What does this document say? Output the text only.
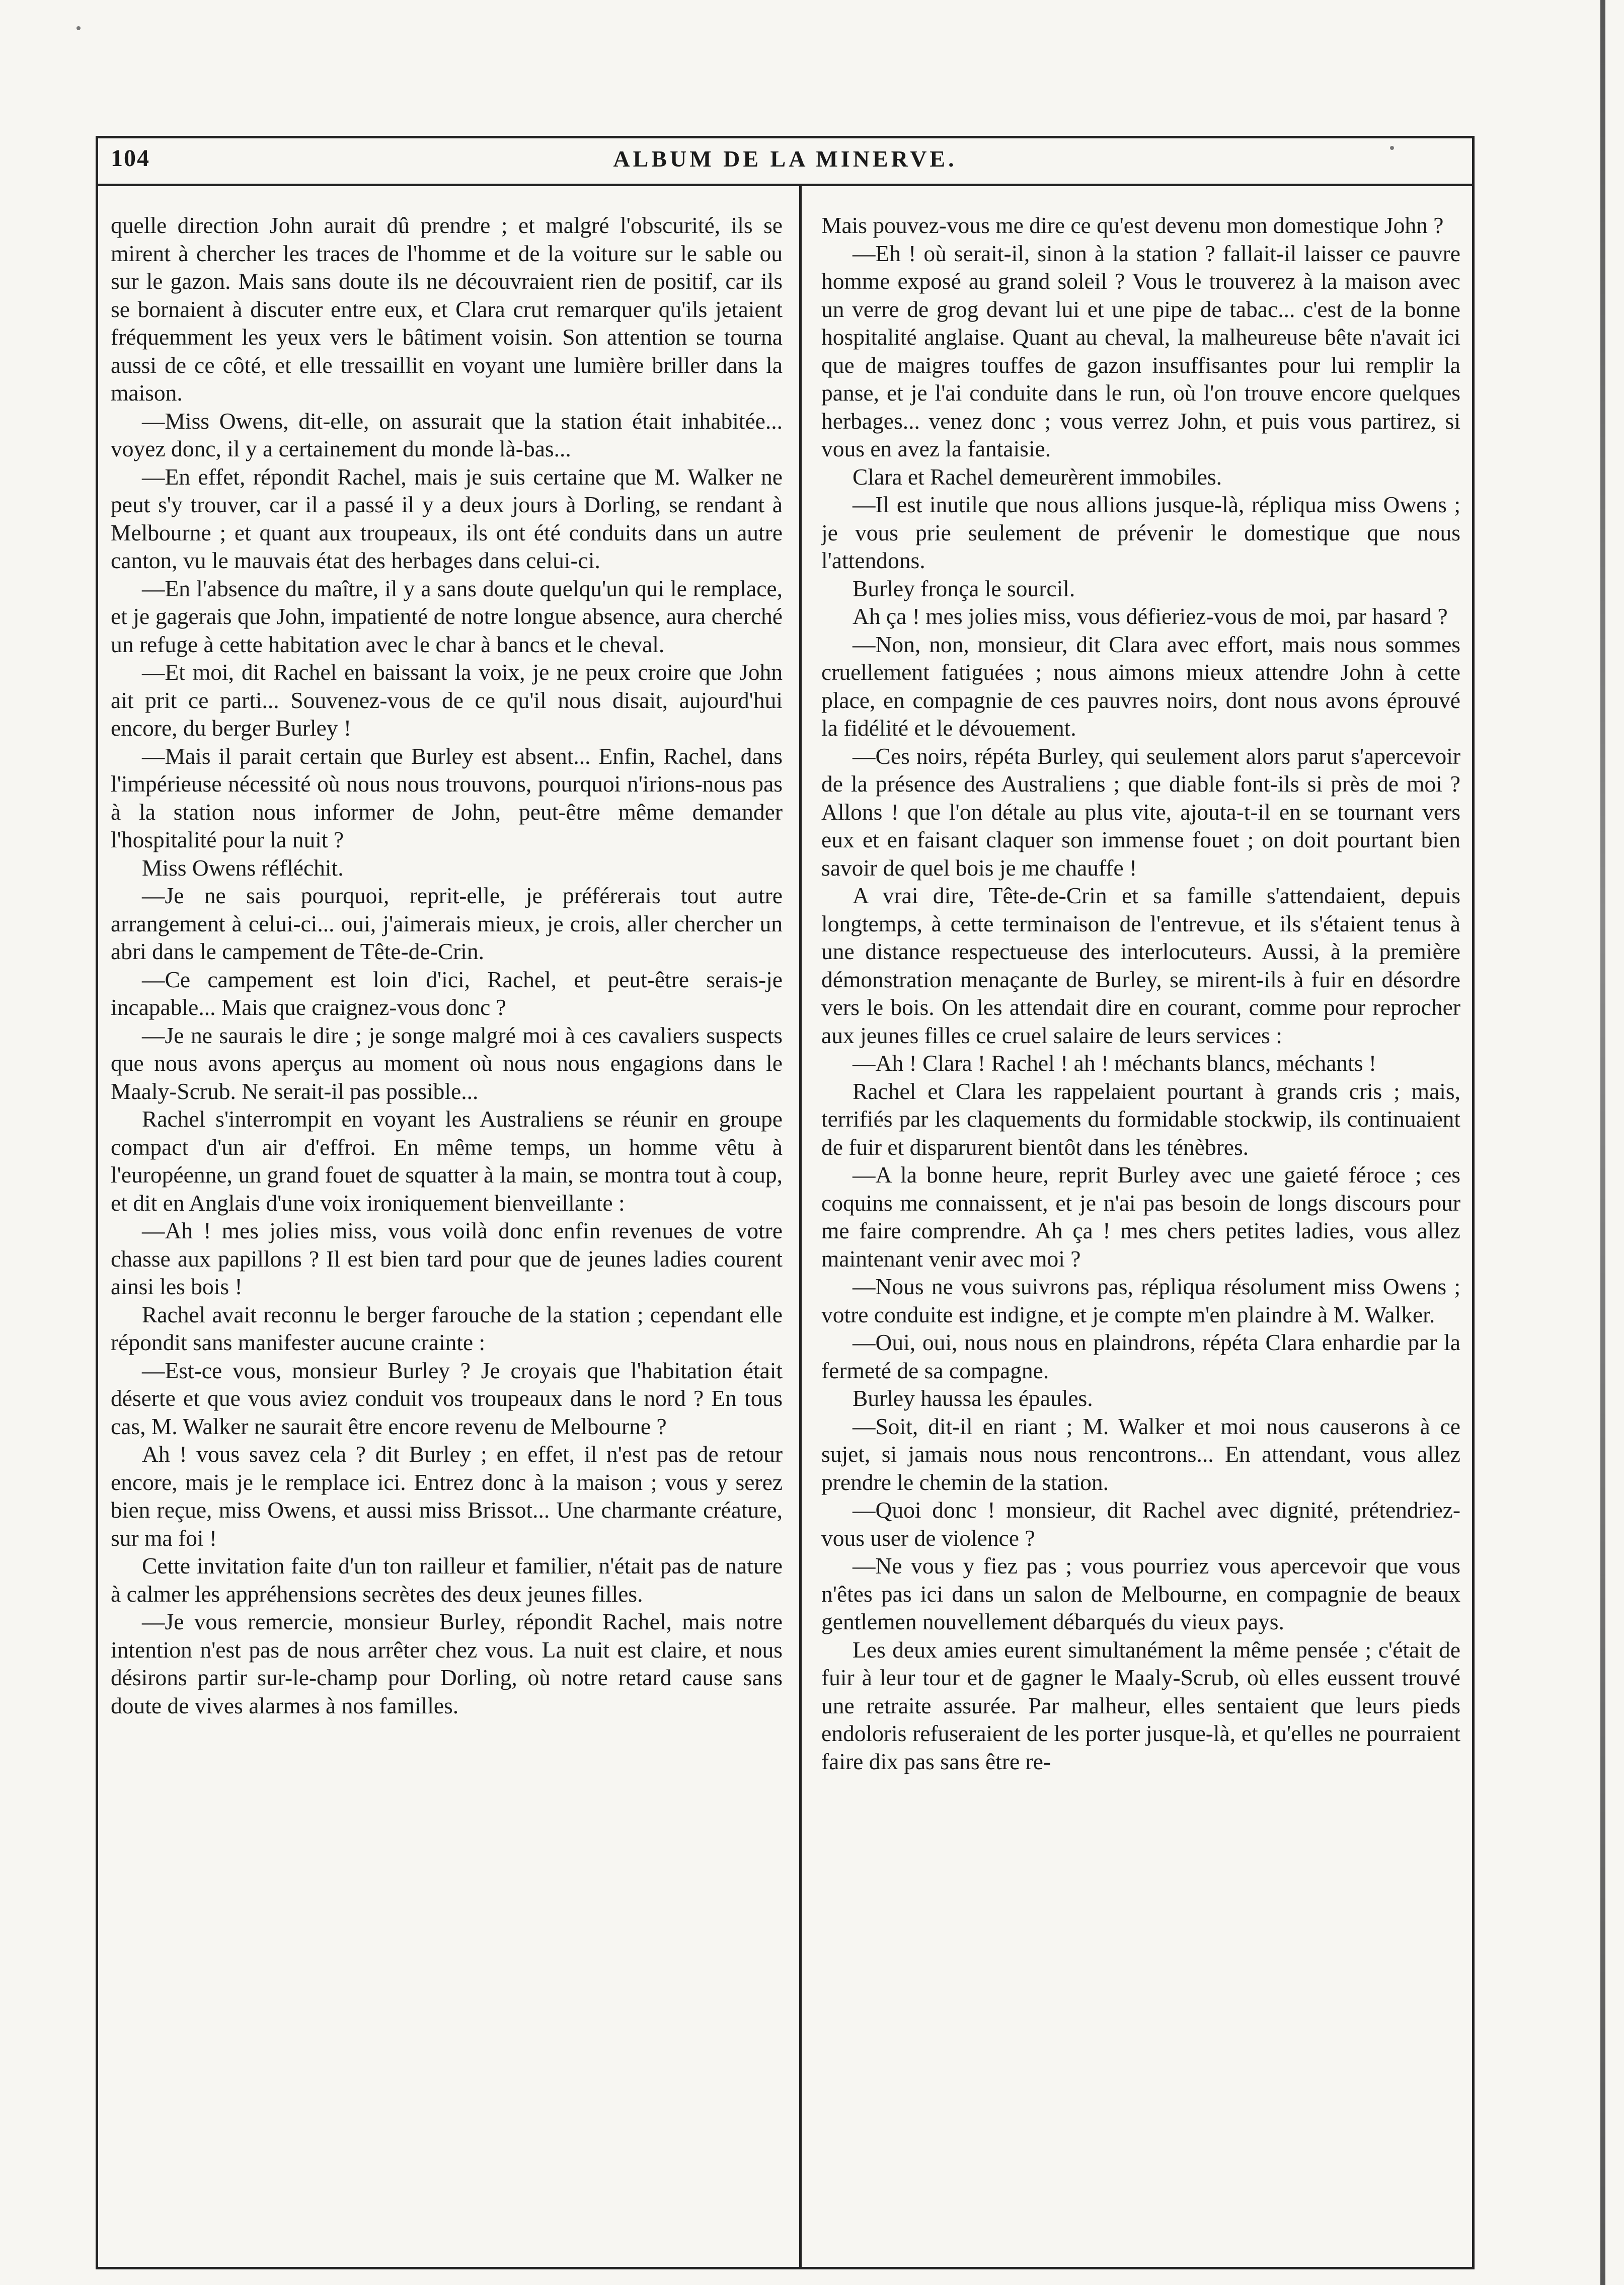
104	ALBUM DE LA MINERVE.

quelle direction John aurait dû prendre ; et malgré l'obscurité, ils se mirent à chercher les traces de l'homme et de la voiture sur le sable ou sur le gazon. Mais sans doute ils ne découvraient rien de positif, car ils se bornaient à discuter entre eux, et Clara crut remarquer qu'ils jetaient fréquemment les yeux vers le bâtiment voisin. Son attention se tourna aussi de ce côté, et elle tressaillit en voyant une lumière briller dans la maison.

—Miss Owens, dit-elle, on assurait que la station était inhabitée... voyez donc, il y a certainement du monde là-bas...

—En effet, répondit Rachel, mais je suis certaine que M. Walker ne peut s'y trouver, car il a passé il y a deux jours à Dorling, se rendant à Melbourne ; et quant aux troupeaux, ils ont été conduits dans un autre canton, vu le mauvais état des herbages dans celui-ci.

—En l'absence du maître, il y a sans doute quelqu'un qui le remplace, et je gagerais que John, impatienté de notre longue absence, aura cherché un refuge à cette habitation avec le char à bancs et le cheval.

—Et moi, dit Rachel en baissant la voix, je ne peux croire que John ait prit ce parti... Souvenez-vous de ce qu'il nous disait, aujourd'hui encore, du berger Burley !

—Mais il parait certain que Burley est absent... Enfin, Rachel, dans l'impérieuse nécessité où nous nous trouvons, pourquoi n'irions-nous pas à la station nous informer de John, peut-être même demander l'hospitalité pour la nuit ?

Miss Owens réfléchit.

—Je ne sais pourquoi, reprit-elle, je préférerais tout autre arrangement à celui-ci... oui, j'aimerais mieux, je crois, aller chercher un abri dans le campement de Tête-de-Crin.

—Ce campement est loin d'ici, Rachel, et peut-être serais-je incapable... Mais que craignez-vous donc ?

—Je ne saurais le dire ; je songe malgré moi à ces cavaliers suspects que nous avons aperçus au moment où nous nous engagions dans le Maaly-Scrub. Ne serait-il pas possible...

Rachel s'interrompit en voyant les Australiens se réunir en groupe compact d'un air d'effroi. En même temps, un homme vêtu à l'européenne, un grand fouet de squatter à la main, se montra tout à coup, et dit en Anglais d'une voix ironiquement bienveillante :

—Ah ! mes jolies miss, vous voilà donc enfin revenues de votre chasse aux papillons ? Il est bien tard pour que de jeunes ladies courent ainsi les bois !

Rachel avait reconnu le berger farouche de la station ; cependant elle répondit sans manifester aucune crainte :

—Est-ce vous, monsieur Burley ? Je croyais que l'habitation était déserte et que vous aviez conduit vos troupeaux dans le nord ? En tous cas, M. Walker ne saurait être encore revenu de Melbourne ?

Ah ! vous savez cela ? dit Burley ; en effet, il n'est pas de retour encore, mais je le remplace ici. Entrez donc à la maison ; vous y serez bien reçue, miss Owens, et aussi miss Brissot... Une charmante créature, sur ma foi !

Cette invitation faite d'un ton railleur et familier, n'était pas de nature à calmer les appréhensions secrètes des deux jeunes filles.

—Je vous remercie, monsieur Burley, répondit Rachel, mais notre intention n'est pas de nous arrêter chez vous. La nuit est claire, et nous désirons partir sur-le-champ pour Dorling, où notre retard cause sans doute de vives alarmes à nos familles.

Mais pouvez-vous me dire ce qu'est devenu mon domestique John ?

—Eh ! où serait-il, sinon à la station ? fallait-il laisser ce pauvre homme exposé au grand soleil ? Vous le trouverez à la maison avec un verre de grog devant lui et une pipe de tabac... c'est de la bonne hospitalité anglaise. Quant au cheval, la malheureuse bête n'avait ici que de maigres touffes de gazon insuffisantes pour lui remplir la panse, et je l'ai conduite dans le run, où l'on trouve encore quelques herbages... venez donc ; vous verrez John, et puis vous partirez, si vous en avez la fantaisie.

Clara et Rachel demeurèrent immobiles.

—Il est inutile que nous allions jusque-là, répliqua miss Owens ; je vous prie seulement de prévenir le domestique que nous l'attendons.

Burley fronça le sourcil.

Ah ça ! mes jolies miss, vous défieriez-vous de moi, par hasard ?

—Non, non, monsieur, dit Clara avec effort, mais nous sommes cruellement fatiguées ; nous aimons mieux attendre John à cette place, en compagnie de ces pauvres noirs, dont nous avons éprouvé la fidélité et le dévouement.

—Ces noirs, répéta Burley, qui seulement alors parut s'apercevoir de la présence des Australiens ; que diable font-ils si près de moi ? Allons ! que l'on détale au plus vite, ajouta-t-il en se tournant vers eux et en faisant claquer son immense fouet ; on doit pourtant bien savoir de quel bois je me chauffe !

A vrai dire, Tête-de-Crin et sa famille s'attendaient, depuis longtemps, à cette terminaison de l'entrevue, et ils s'étaient tenus à une distance respectueuse des interlocuteurs. Aussi, à la première démonstration menaçante de Burley, se mirent-ils à fuir en désordre vers le bois. On les attendait dire en courant, comme pour reprocher aux jeunes filles ce cruel salaire de leurs services :

—Ah ! Clara ! Rachel ! ah ! méchants blancs, méchants !

Rachel et Clara les rappelaient pourtant à grands cris ; mais, terrifiés par les claquements du formidable stockwip, ils continuaient de fuir et disparurent bientôt dans les ténèbres.

—A la bonne heure, reprit Burley avec une gaieté féroce ; ces coquins me connaissent, et je n'ai pas besoin de longs discours pour me faire comprendre. Ah ça ! mes chers petites ladies, vous allez maintenant venir avec moi ?

—Nous ne vous suivrons pas, répliqua résolument miss Owens ; votre conduite est indigne, et je compte m'en plaindre à M. Walker.

—Oui, oui, nous nous en plaindrons, répéta Clara enhardie par la fermeté de sa compagne.

Burley haussa les épaules.

—Soit, dit-il en riant ; M. Walker et moi nous causerons à ce sujet, si jamais nous nous rencontrons... En attendant, vous allez prendre le chemin de la station.

—Quoi donc ! monsieur, dit Rachel avec dignité, prétendriez-vous user de violence ?

—Ne vous y fiez pas ; vous pourriez vous apercevoir que vous n'êtes pas ici dans un salon de Melbourne, en compagnie de beaux gentlemen nouvellement débarqués du vieux pays.

Les deux amies eurent simultanément la même pensée ; c'était de fuir à leur tour et de gagner le Maaly-Scrub, où elles eussent trouvé une retraite assurée. Par malheur, elles sentaient que leurs pieds endoloris refuseraient de les porter jusque-là, et qu'elles ne pourraient faire dix pas sans être re-
